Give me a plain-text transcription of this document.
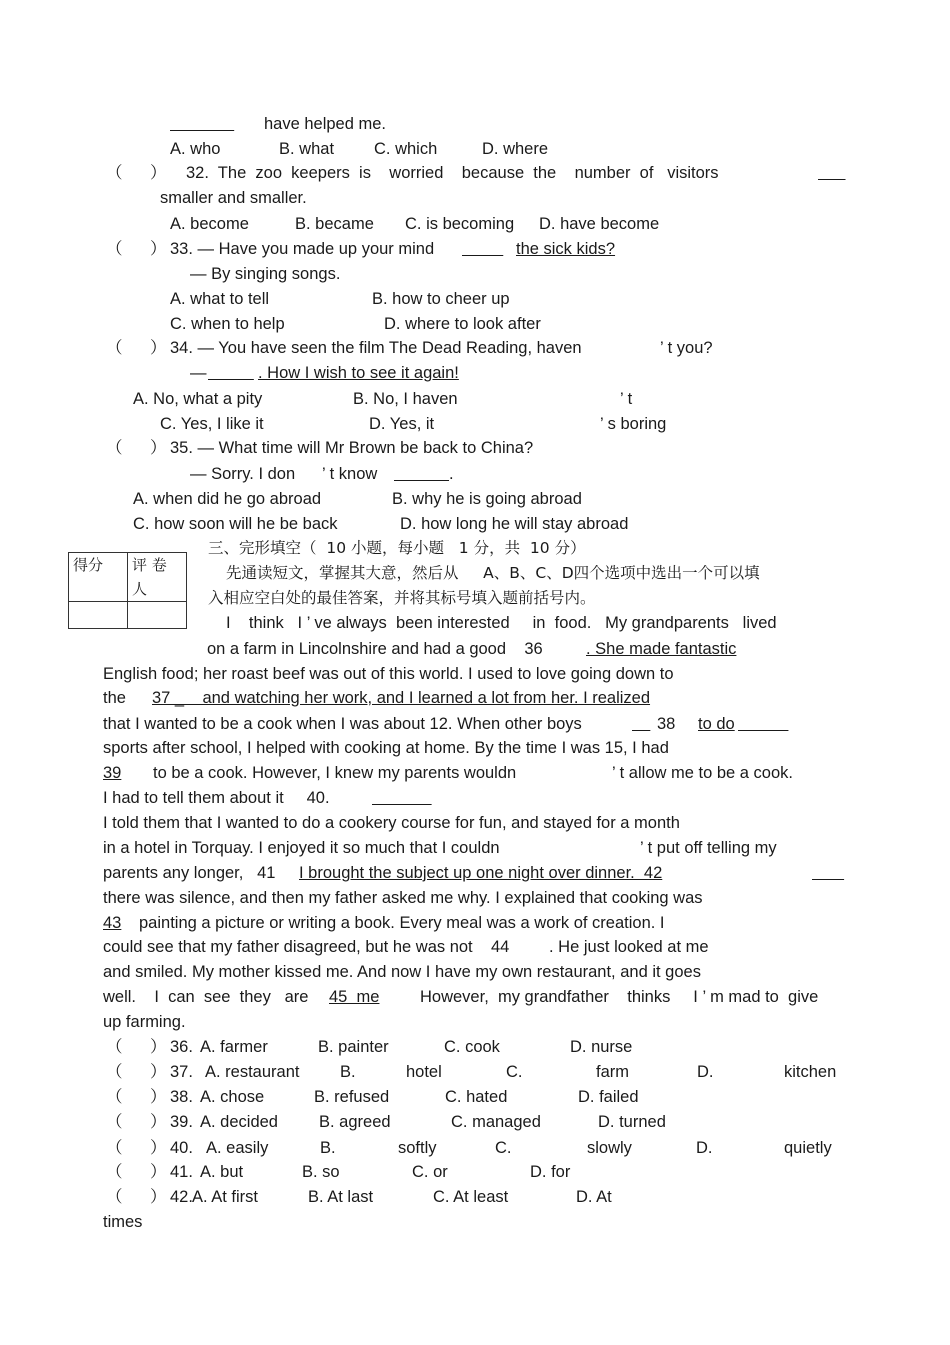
have helped me.
A. who	B. what C. which	D. where
（      ） 32.  The  zoo  keepers  is    worried    because  the    number  of   visitors

smaller and smaller.
A. become	B. became C. is becoming D. have become
（      ） 33. — Have you made up your mind
	the sick kids?
— By singing songs.
A. what to tell	B. how to cheer up
C. when to help	D. where to look after
（      ） 34. — You have seen the film The Dead Reading, haven	’ t you?
—
	. How I wish to see it again!
A. No, what a pity	B. No, I haven	’ t
C. Yes, I like it	D. Yes, it	’ s boring
（      ） 35. — What time will Mr Brown be back to China?
— Sorry. I don ’ t know	.
A. when did he go abroad	B. why he is going abroad
C. how soon will he be back	D. how long he will stay abroad
三、完形填空（  10 小题，每小题   1 分，共  10 分）
得分	评 卷 人

先通读短文，掌握其大意，然后从     A、B、C、D四个选项中选出一个可以填
入相应空白处的最佳答案，并将其标号填入题前括号内。
I    think   I ’ ve always  been interested     in  food.   My grandparents   lived
on a farm in Lincolnshire and had a good    36	. She made fantastic
English food; her roast beef was out of this world. I used to love going down to
the 37 _    and watching her work, and I learned a lot from her. I realized
that I wanted to be a cook when I was about 12. When other boys
	38 to do

sports after school, I helped with cooking at home. By the time I was 15, I had
39 to be a cook. However, I knew my parents wouldn	’ t allow me to be a cook.
I had to tell them about it     40.

I told them that I wanted to do a cookery course for fun, and stayed for a month
in a hotel in Torquay. I enjoyed it so much that I couldn	’ t put off telling my
parents any longer,   41 I brought the subject up one night over dinner.  42

there was silence, and then my father asked me why. I explained that cooking was
43 painting a picture or writing a book. Every meal was a work of creation. I
could see that my father disagreed, but he was not    44 . He just looked at me
and smiled. My mother kissed me. And now I have my own restaurant, and it goes
well.    I  can  see  they   are 45  me However,  my grandfather    thinks     I ’ m mad to  give
up farming.
（      ） 36. A. farmer	B. painter	C. cook	D. nurse
（      ） 37. A. restaurant B.	hotel	C.	farm	D.	kitchen
（      ） 38. A. chose	B. refused	C. hated	D. failed
（      ） 39. A. decided B. agreed	C. managed	D. turned
（      ） 40. A. easily	B.	softly	C.	slowly	D.	quietly
（      ） 41. A. but	B. so	C. or	D. for
（      ） 42. A. At first	B. At last	C. At least	D. At
times
